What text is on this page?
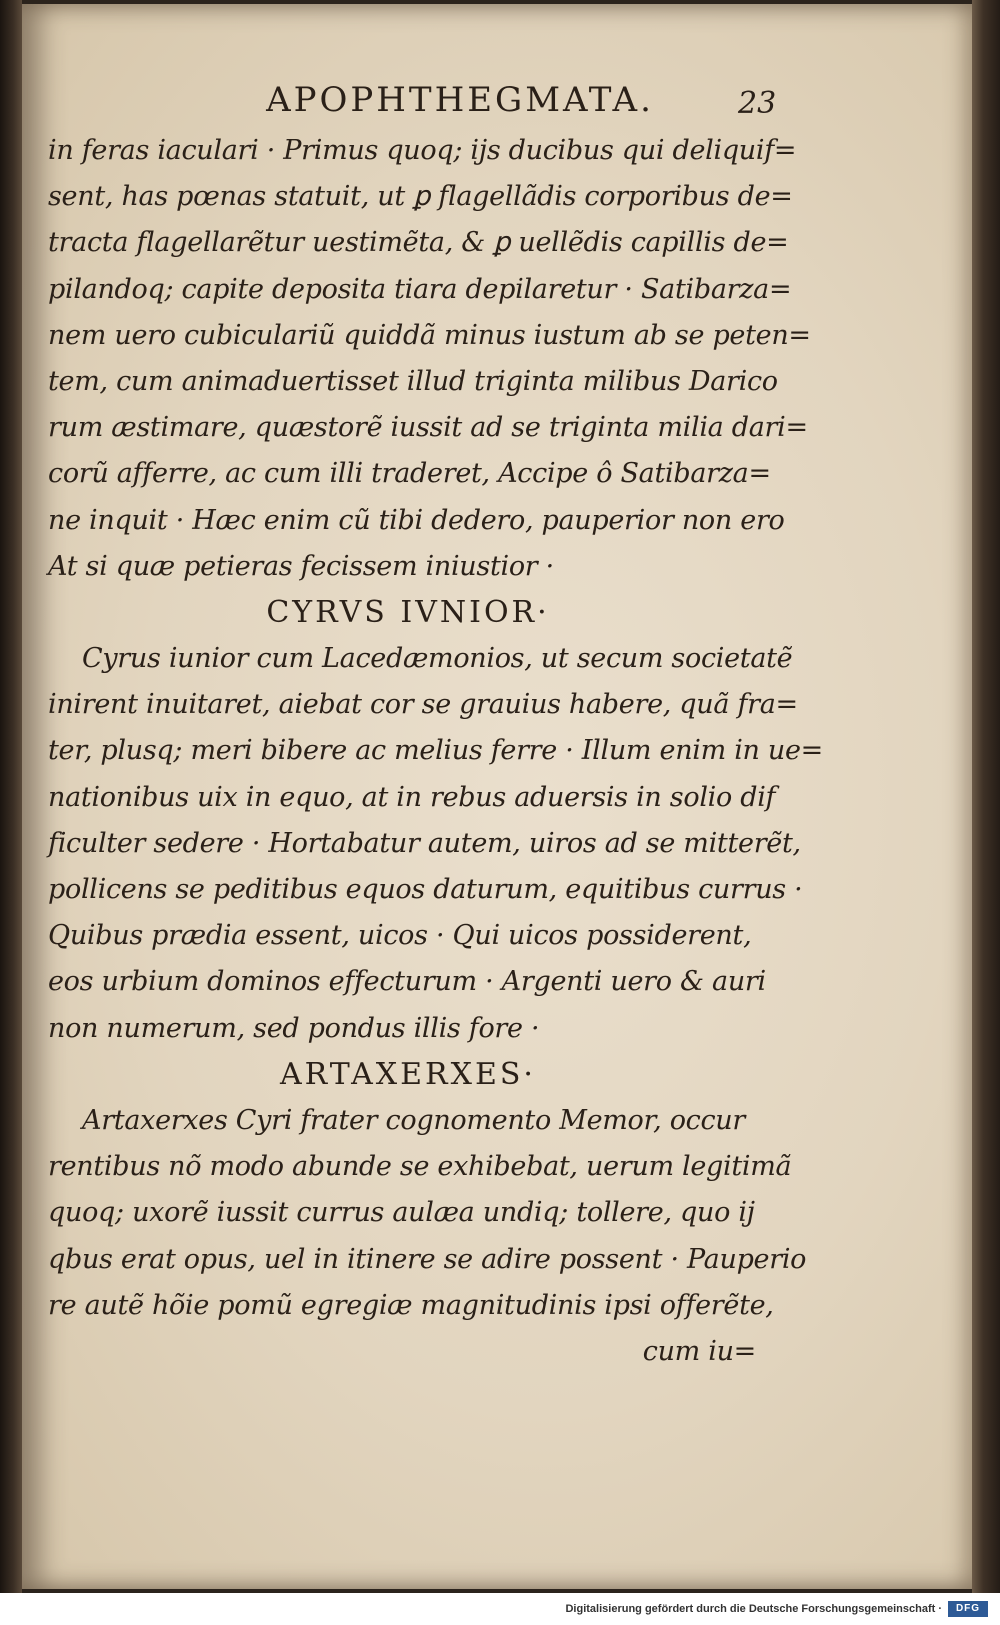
APOPHTHEGMATA.	23
in feras iaculari · Primus quoq; ijs ducibus qui deliquif=
sent, has pœnas statuit, ut ꝑ flagellãdis corporibus de=
tracta flagellarẽtur uestimẽta, & ꝑ uellẽdis capillis de=
pilandoq; capite deposita tiara depilaretur · Satibarza=
nem uero cubiculariũ quiddã minus iustum ab se peten=
tem, cum animaduertisset illud triginta milibus Darico
rum æstimare, quæstorẽ iussit ad se triginta milia dari=
corũ afferre, ac cum illi traderet, Accipe ô Satibarza=
ne inquit · Hæc enim cũ tibi dedero, pauperior non ero
At si quæ petieras fecissem iniustior ·
CYRVS IVNIOR·
Cyrus iunior cum Lacedæmonios, ut secum societatẽ
inirent inuitaret, aiebat cor se grauius habere, quã fra=
ter, plusq; meri bibere ac melius ferre · Illum enim in ue=
nationibus uix in equo, at in rebus aduersis in solio dif
ficulter sedere · Hortabatur autem, uiros ad se mitterẽt,
pollicens se peditibus equos daturum, equitibus currus ·
Quibus prædia essent, uicos · Qui uicos possiderent,
eos urbium dominos effecturum · Argenti uero & auri
non numerum, sed pondus illis fore ·
ARTAXERXES·
Artaxerxes Cyri frater cognomento Memor, occur
rentibus nõ modo abunde se exhibebat, uerum legitimã
quoq; uxorẽ iussit currus aulæa undiq; tollere, quo ij
qbus erat opus, uel in itinere se adire possent · Pauperio
re autẽ hõie pomũ egregiæ magnitudinis ipsi offerẽte,
cum iu=
Digitalisierung gefördert durch die Deutsche Forschungsgemeinschaft ·	DFG
